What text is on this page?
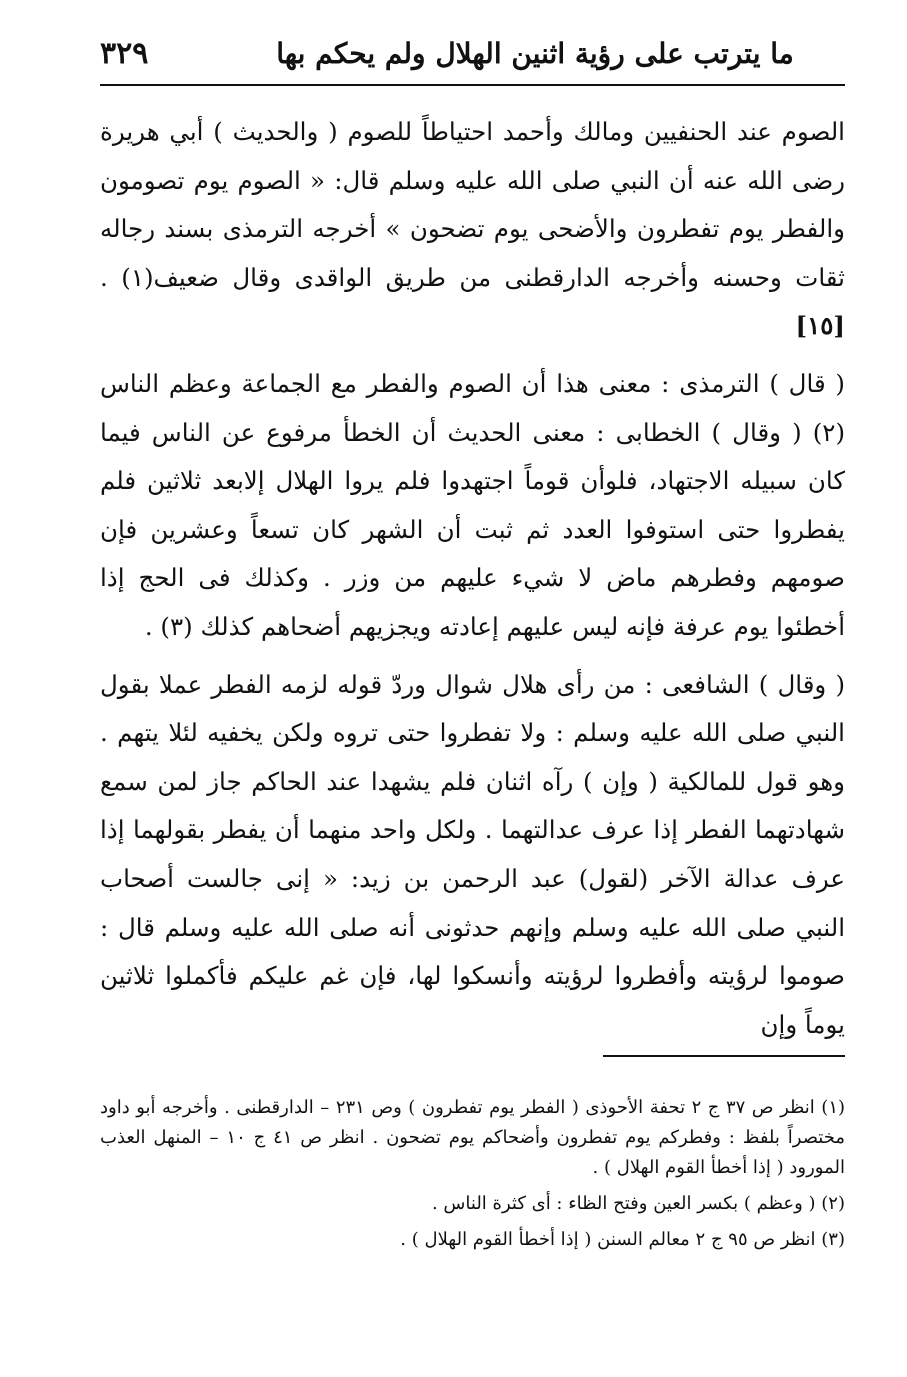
٣٢٩	ما يترتب على رؤية اثنين الهلال ولم يحكم بها

الصوم عند الحنفيين ومالك وأحمد احتياطاً للصوم ( والحديث ) أبي هريرة رضى الله عنه أن النبي صلى الله عليه وسلم قال: « الصوم يوم تصومون والفطر يوم تفطرون والأضحى يوم تضحون » أخرجه الترمذى بسند رجاله ثقات وحسنه وأخرجه الدارقطنى من طريق الواقدى وقال ضعيف(١) . [١٥]

( قال ) الترمذى : معنى هذا أن الصوم والفطر مع الجماعة وعظم الناس (٢) ( وقال ) الخطابى : معنى الحديث أن الخطأ مرفوع عن الناس فيما كان سبيله الاجتهاد، فلوأن قوماً اجتهدوا فلم يروا الهلال إلابعد ثلاثين فلم يفطروا حتى استوفوا العدد ثم ثبت أن الشهر كان تسعاً وعشرين فإن صومهم وفطرهم ماض لا شيء عليهم من وزر . وكذلك فى الحج إذا أخطئوا يوم عرفة فإنه ليس عليهم إعادته ويجزيهم أضحاهم كذلك (٣) .

( وقال ) الشافعى : من رأى هلال شوال وردّ قوله لزمه الفطر عملا بقول النبي صلى الله عليه وسلم : ولا تفطروا حتى تروه ولكن يخفيه لئلا يتهم . وهو قول للمالكية ( وإن ) رآه اثنان فلم يشهدا عند الحاكم جاز لمن سمع شهادتهما الفطر إذا عرف عدالتهما . ولكل واحد منهما أن يفطر بقولهما إذا عرف عدالة الآخر (لقول) عبد الرحمن بن زيد: « إنى جالست أصحاب النبي صلى الله عليه وسلم وإنهم حدثونى أنه صلى الله عليه وسلم قال : صوموا لرؤيته وأفطروا لرؤيته وأنسكوا لها، فإن غم عليكم فأكملوا ثلاثين يوماً وإن

(١) انظر ص ٣٧ ج ٢ تحفة الأحوذى ( الفطر يوم تفطرون ) وص ٢٣١ – الدارقطنى . وأخرجه أبو داود مختصراً بلفظ : وفطركم يوم تفطرون وأضحاكم يوم تضحون . انظر ص ٤١ ج ١٠ – المنهل العذب المورود ( إذا أخطأ القوم الهلال ) .

(٢) ( وعظم ) بكسر العين وفتح الظاء : أى كثرة الناس .

(٣) انظر ص ٩٥ ج ٢ معالم السنن ( إذا أخطأ القوم الهلال ) .
